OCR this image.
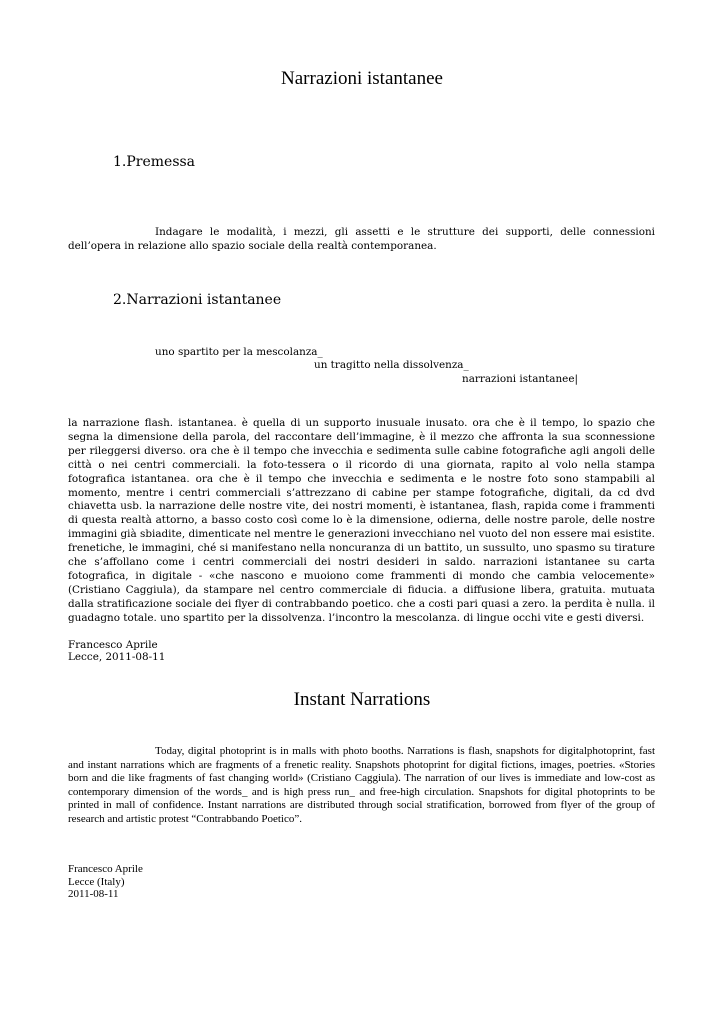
Narrazioni istantanee
1.Premessa
Indagare le modalità, i mezzi, gli assetti e le strutture dei supporti, delle connessioni dell’opera in relazione allo spazio sociale della realtà contemporanea.
2.Narrazioni istantanee
uno spartito per la mescolanza_
un tragitto nella dissolvenza_
narrazioni istantanee|
la narrazione flash. istantanea. è quella di un supporto inusuale inusato. ora che è il tempo, lo spazio che segna la dimensione della parola, del raccontare dell’immagine, è il mezzo che affronta la sua sconnessione per rileggersi diverso. ora che è il tempo che invecchia e sedimenta sulle cabine fotografiche agli angoli delle città o nei centri commerciali. la foto-tessera o il ricordo di una giornata, rapito al volo nella stampa fotografica istantanea. ora che è il tempo che invecchia e sedimenta e le nostre foto sono stampabili al momento, mentre i centri commerciali s’attrezzano di cabine per stampe fotografiche, digitali, da cd dvd chiavetta usb. la narrazione delle nostre vite, dei nostri momenti, è istantanea, flash, rapida come i frammenti di questa realtà attorno, a basso costo così come lo è la dimensione, odierna, delle nostre parole, delle nostre immagini già sbiadite, dimenticate nel mentre le generazioni invecchiano nel vuoto del non essere mai esistite. frenetiche, le immagini, ché si manifestano nella noncuranza di un battito, un sussulto, uno spasmo su tirature che s’affollano come i centri commerciali dei nostri desideri in saldo. narrazioni istantanee su carta fotografica, in digitale - «che nascono e muoiono come frammenti di mondo che cambia velocemente» (Cristiano Caggiula), da stampare nel centro commerciale di fiducia. a diffusione libera, gratuita. mutuata dalla stratificazione sociale dei flyer di contrabbando poetico. che a costi pari quasi a zero. la perdita è nulla. il guadagno totale. uno spartito per la dissolvenza. l’incontro la mescolanza. di lingue occhi vite e gesti diversi.
Francesco Aprile
Lecce, 2011-08-11
Instant Narrations
Today, digital photoprint is in malls with photo booths. Narrations is flash, snapshots for digitalphotoprint, fast and instant narrations which are fragments of a frenetic reality. Snapshots photoprint for digital fictions, images, poetries. «Stories born and die like fragments of fast changing world» (Cristiano Caggiula). The narration of our lives is immediate and low-cost as contemporary dimension of the words_ and is high press run_ and free-high circulation. Snapshots for digital photoprints to be printed in mall of confidence. Instant narrations are distributed through social stratification, borrowed from flyer of the group of research and artistic protest “Contrabbando Poetico”.
Francesco Aprile
Lecce (Italy)
2011-08-11
